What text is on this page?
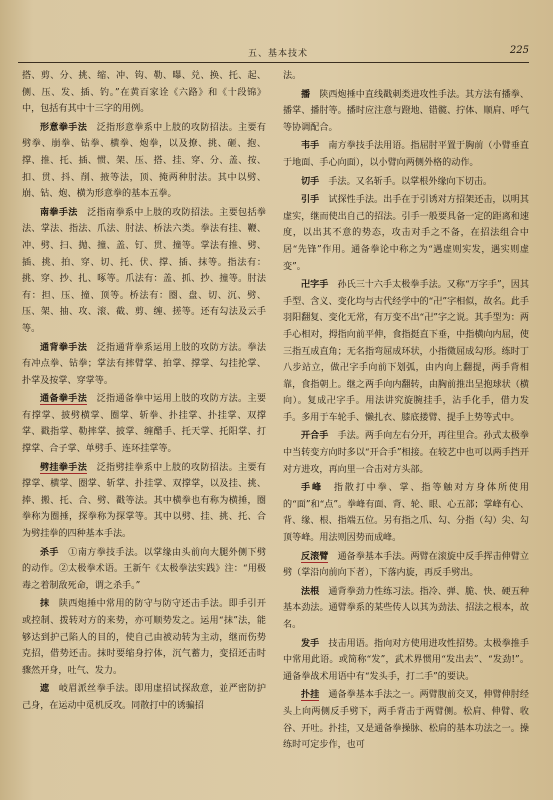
五、基本技术	225

搭、剪、分、挑、缩、冲、钩、勒、曝、兑、换、托、起、侧、压、发、插、钓。”在黄百家诠《六路》和《十段锦》中，包括有其中十三字的用例。

形意拳手法　 泛指形意拳系中上肢的攻防招法。主要有劈拳、崩拳、钻拳、横拳、炮拳，以及撩、挑、砸、抱、撑、推、托、插、惯、架、压、搭、挂、穿、分、盖、按、扣、贯、抖、削、掖等法，顶、掩两种肘法。其中以劈、崩、钻、炮、横为形意拳的基本五拳。

南拳手法　 泛指南拳系中上肢的攻防招法。主要包括拳法、掌法、指法、爪法、肘法、桥法六类。拳法有挂、鞭、冲、劈、扫、抛、撞、盖、钉、贯、撞等。掌法有推、劈、插、挑、拍、穿、切、托、伏、撑、插、抹等。指法有：挑、穿、抄、扎、啄等。爪法有：盖、抓、抄、撞等。肘法有：担、压、撞、顶等。桥法有：圈、盘、切、沉、劈、压、架、抽、攻、滚、截、剪、缠、搓等。还有勾法及云手等。

通背拳手法　 泛指通背拳系运用上肢的攻防方法。拳法有冲点拳、钻拳；掌法有摔臂掌、拍掌、撑掌、勾挂抡掌、扑掌及按掌、穿掌等。

通备拳手法　 泛指通备拳中运用上肢的攻防方法。主要有撑掌、披劈横掌、圈掌、斩拳、扑挂掌、扑挂掌、双撑掌、戳指掌、勒摔掌、披掌、缠醋手、托天掌、托阳掌、打撑掌、合子掌、单劈手、连环挂掌等。

劈挂拳手法　 泛指劈挂拳系中上肢的攻防招法。主要有撑掌、横掌、圈掌、斩掌、扑挂掌、双撑掌，以及挂、挑、捧、搬、托、合、劈、戳等法。其中横拳也有称为横捶，圈拳称为圈捶，探拳称为探掌等。其中以劈、挂、挑、托、合为劈挂拳的四种基本手法。

杀手　 ①南方拳技手法。以掌缘由头前向大腿外侧下劈的动作。②太极拳术语。王新午《太极拳法实践》注：“用极毒之着制敌死命，谓之杀手。”

抹　 陕西炮捶中常用的防守与防守还击手法。即手引开或控制、拨转对方的来势，亦可顺势发之。运用“抹”法，能够达到护己陷人的目的，使自己由被动转为主动，继而伤势克招，借势还击。抹时要缩身拧体，沉气蓄力，变招还击时骤然开身，吐气、发力。

遮　 岐眉派丝拳手法。即用虚招试探敌意，並严密防护己身，在运动中觅机反攻。同散打中的诱骗招

法。

播　 陕西炮捶中直线戳刺类进攻性手法。其方法有播拳、播掌、播肘等。播时应注意与蹬地、错髋、拧体、顺肩、呼气等协调配合。

韦手　 南方拳技手法用语。指屈肘平置于胸前（小臂垂直于地面、手心向面），以小臂向两侧外格的动作。

切手　 手法。又名斩手。以掌根外缘向下切击。

引手　 试探性手法。出手在于引诱对方招架还击，以明其虚实，继而使出自己的招法。引手一般要具备一定的距离和速度，以出其不意的势态，攻击对手之不备，在招法组合中居“先锋”作用。通备拳论中称之为“遇虚则实发，遇实则虚变”。

卍字手　 孙氏三十六手太极拳手法。又称“万字手”，因其手型、含义、变化均与古代经学中的“卍”字相似，故名。此手羽阳翻复、变化无常，有万变不出“卍”字之说。其手型为：两手心相对，拇指向前平伸，食指挺直下垂，中指横向内屈，使三指互成直角；无名指弯屈成环状，小指微屈成勾形。练时丁八步站立，做卍字手向前下划弧，由内向上翻提，两手背相靠，食指朝上。继之两手向内翻转，由胸前推出呈抱球状（横向）。复成卍字手。用法讲究旋腕挂手，沾手化手，借力发手。多用于车轮手、懒扎衣、膝底搂臂、提手上势等式中。

开合手　 手法。两手向左右分开，再往里合。孙式太极拳中当转变方向时多以“开合手”相接。在较艺中也可以两手挡开对方进攻，再向里一合击对方头部。

手峰　 指散打中拳、掌、指等触对方身体所使用的“面”和“点”。拳峰有面、背、轮、眼、心五部；掌峰有心、背、缘、根、指端五位。另有指之爪、勾、分指（勾）尖、勾顶等峰。用法则因势而成峰。

反滚臂　 通备拳基本手法。两臂在滚旋中反手挥击伸臂立劈（掌沿向前向下者），下落内旋，再反手劈出。

法根　 通背拳劲力性练习法。指冷、弹、脆、快、硬五种基本劲法。通臂拳系的某些传人以其为劲法、招法之根本，故名。

发手　 技击用语。指向对方使用进攻性招势。太极拳推手中常用此语。或简称“发”，武术界惯用“发出去”、“发劲!”。通备拳战术用语中有“发头手，打二手”的要诀。

扑挂　 通备拳基本手法之一。两臂腹前交叉，伸臂伸肘经头上向两侧反手劈下，两手背击于两臂侧。松肩、伸臂、收谷、开吐。扑挂，又是通备拳操脉、松肩的基本功法之一。操练时可定步作，也可
